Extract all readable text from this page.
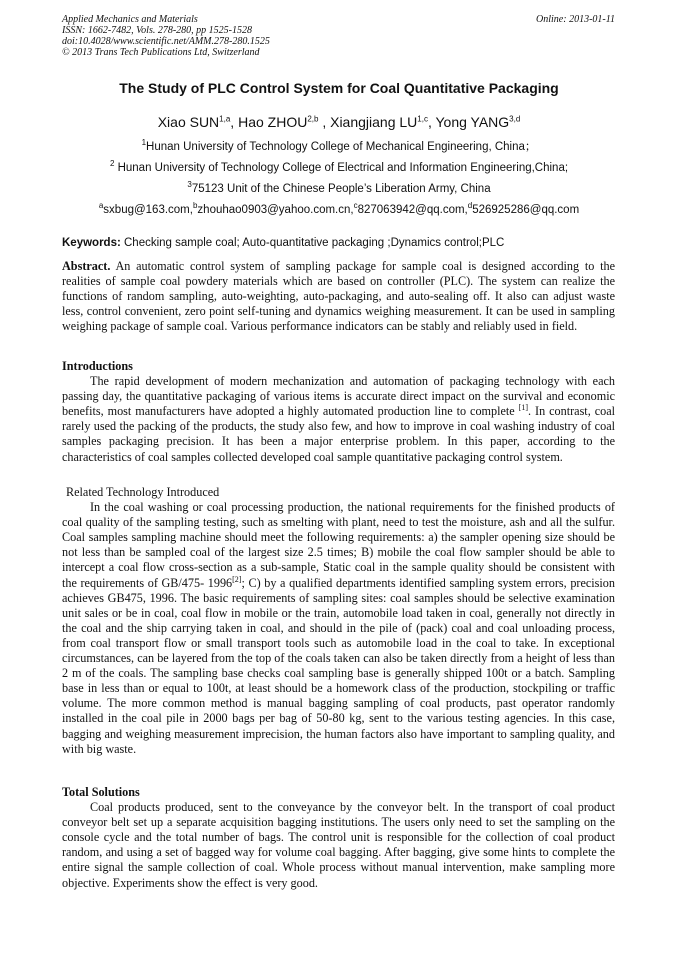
Applied Mechanics and Materials
ISSN: 1662-7482, Vols. 278-280, pp 1525-1528
doi:10.4028/www.scientific.net/AMM.278-280.1525
© 2013 Trans Tech Publications Ltd, Switzerland
Online: 2013-01-11
The Study of PLC Control System for Coal Quantitative Packaging
Xiao SUN$^{1,a}$, Hao ZHOU$^{2,b}$ , Xiangjiang LU$^{1,c}$, Yong YANG$^{3,d}$
$^1$Hunan University of Technology College of Mechanical Engineering, China；
$^2$ Hunan University of Technology College of Electrical and Information Engineering,China;
$^3$75123 Unit of the Chinese People’s Liberation Army, China
$^a$sxbug@163.com,$^b$zhouhao0903@yahoo.com.cn,$^c$827063942@qq.com,$^d$526925286@qq.com
Keywords: Checking sample coal; Auto-quantitative packaging ;Dynamics control;PLC

Abstract. An automatic control system of sampling package for sample coal is designed according to the realities of sample coal powdery materials which are based on controller (PLC). The system can realize the functions of random sampling, auto-weighting, auto-packaging, and auto-sealing off. It also can adjust waste less, control convenient, zero point self-tuning and dynamics weighing measurement. It can be used in sampling weighing package of sample coal. Various performance indicators can be stably and reliably used in field.

Introductions

The rapid development of modern mechanization and automation of packaging technology with each passing day, the quantitative packaging of various items is accurate direct impact on the survival and economic benefits, most manufacturers have adopted a highly automated production line to complete [1]. In contrast, coal rarely used the packing of the products, the study also few, and how to improve in coal washing industry of coal samples packaging precision. It has been a major enterprise problem. In this paper, according to the characteristics of coal samples collected developed coal sample quantitative packaging control system.

Related Technology Introduced

In the coal washing or coal processing production, the national requirements for the finished products of coal quality of the sampling testing, such as smelting with plant, need to test the moisture, ash and all the sulfur. Coal samples sampling machine should meet the following requirements: a) the sampler opening size should be not less than be sampled coal of the largest size 2.5 times; B) mobile the coal flow sampler should be able to intercept a coal flow cross-section as a sub-sample, Static coal in the sample quality should be consistent with the requirements of GB/475- 1996[2]; C) by a qualified departments identified sampling system errors, precision achieves GB475, 1996. The basic requirements of sampling sites: coal samples should be selective examination unit sales or be in coal, coal flow in mobile or the train, automobile load taken in coal, generally not directly in the coal and the ship carrying taken in coal, and should in the pile of (pack) coal and coal unloading process, from coal transport flow or small transport tools such as automobile load in the coal to take. In exceptional circumstances, can be layered from the top of the coals taken can also be taken directly from a height of less than 2 m of the coals. The sampling base checks coal sampling base is generally shipped 100t or a batch. Sampling base in less than or equal to 100t, at least should be a homework class of the production, stockpiling or traffic volume. The more common method is manual bagging sampling of coal products, past operator randomly installed in the coal pile in 2000 bags per bag of 50-80 kg, sent to the various testing agencies. In this case, bagging and weighing measurement imprecision, the human factors also have important to sampling quality, and with big waste.

Total Solutions

Coal products produced, sent to the conveyance by the conveyor belt. In the transport of coal product conveyor belt set up a separate acquisition bagging institutions. The users only need to set the sampling on the console cycle and the total number of bags. The control unit is responsible for the collection of coal product random, and using a set of bagged way for volume coal bagging. After bagging, give some hints to complete the entire signal the sample collection of coal. Whole process without manual intervention, make sampling more objective. Experiments show the effect is very good.
